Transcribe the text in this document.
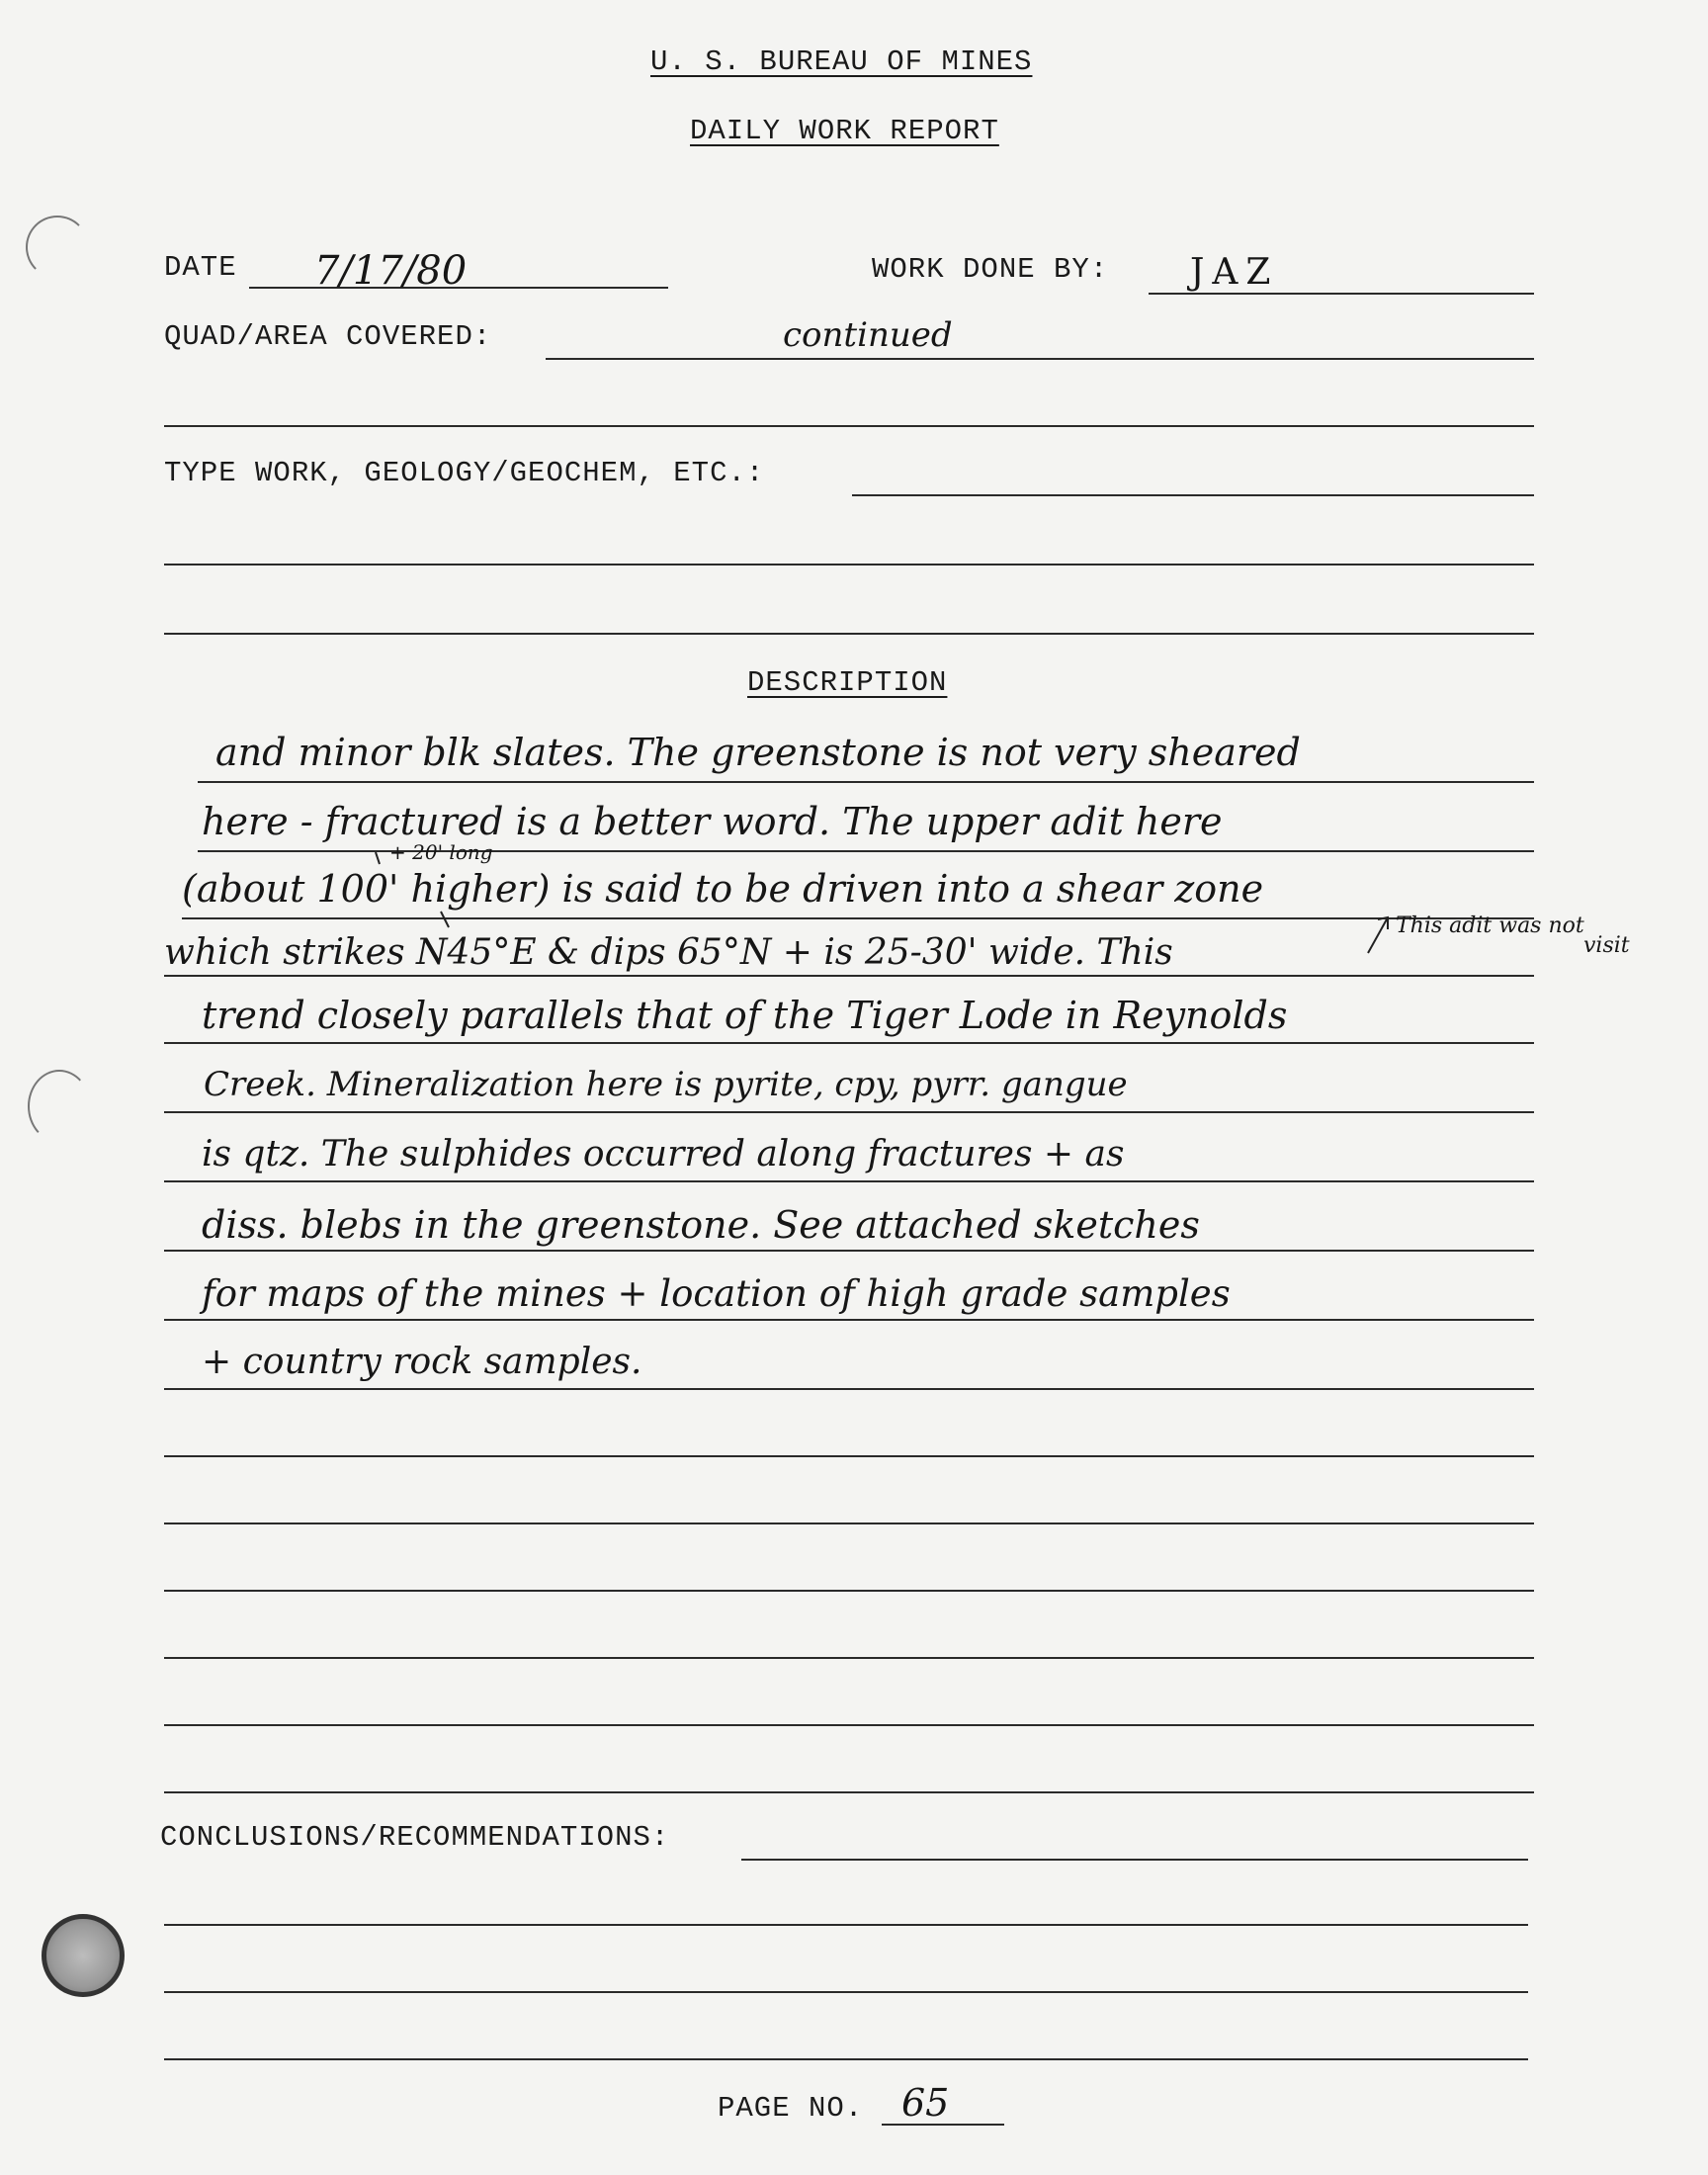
U. S. BUREAU OF MINES
DAILY WORK REPORT
DATE 7/17/80	WORK DONE BY: JAZ
QUAD/AREA COVERED:	continued
TYPE WORK, GEOLOGY/GEOCHEM, ETC.:
DESCRIPTION
and minor blk slates. The greenstone is not very sheared
here - fractured is a better word. The upper adit here
+ 20' long
(about 100' higher) is said to be driven into a shear zone
This adit was not
visit
which strikes N45°E & dips 65°N + is 25-30' wide. This
trend closely parallels that of the Tiger Lode in Reynolds
Creek. Mineralization here is pyrite, cpy, pyrr. gangue
is qtz. The sulphides occurred along fractures + as
diss. blebs in the greenstone. See attached sketches
for maps of the mines + location of high grade samples
+ country rock samples.
CONCLUSIONS/RECOMMENDATIONS:
PAGE NO. 65
